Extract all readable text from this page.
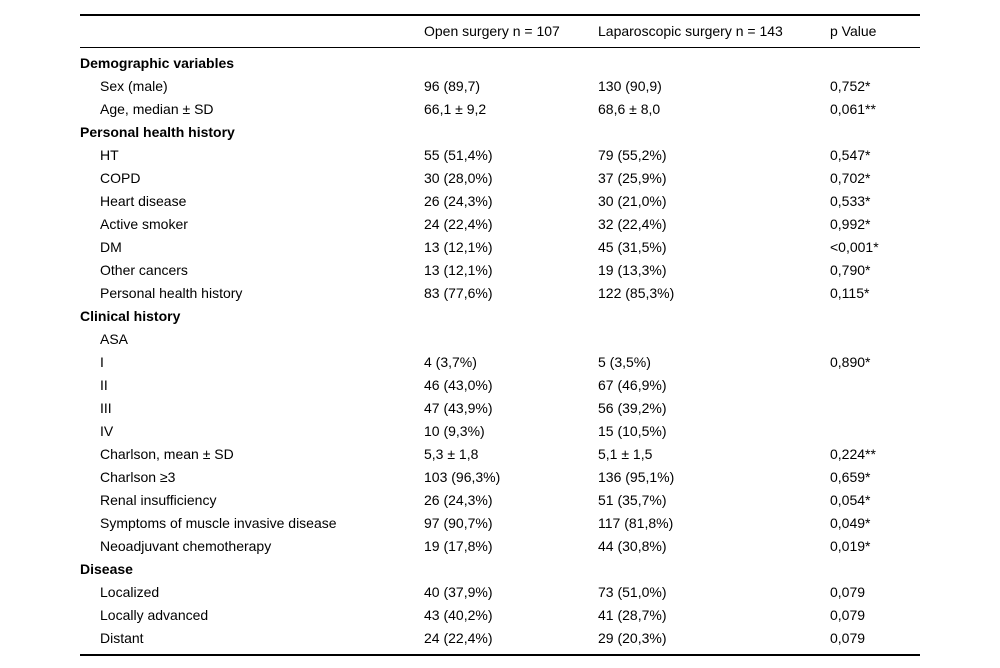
	Open surgery n = 107	Laparoscopic surgery n = 143	p Value
Demographic variables			
Sex (male)	96 (89,7)	130 (90,9)	0,752*
Age, median ± SD	66,1 ± 9,2	68,6 ± 8,0	0,061**
Personal health history			
HT	55 (51,4%)	79 (55,2%)	0,547*
COPD	30 (28,0%)	37 (25,9%)	0,702*
Heart disease	26 (24,3%)	30 (21,0%)	0,533*
Active smoker	24 (22,4%)	32 (22,4%)	0,992*
DM	13 (12,1%)	45 (31,5%)	<0,001*
Other cancers	13 (12,1%)	19 (13,3%)	0,790*
Personal health history	83 (77,6%)	122 (85,3%)	0,115*
Clinical history			
ASA			
I	4 (3,7%)	5 (3,5%)	0,890*
II	46 (43,0%)	67 (46,9%)	
III	47 (43,9%)	56 (39,2%)	
IV	10 (9,3%)	15 (10,5%)	
Charlson, mean ± SD	5,3 ± 1,8	5,1 ± 1,5	0,224**
Charlson ≥3	103 (96,3%)	136 (95,1%)	0,659*
Renal insufficiency	26 (24,3%)	51 (35,7%)	0,054*
Symptoms of muscle invasive disease	97 (90,7%)	117 (81,8%)	0,049*
Neoadjuvant chemotherapy	19 (17,8%)	44 (30,8%)	0,019*
Disease			
Localized	40 (37,9%)	73 (51,0%)	0,079
Locally advanced	43 (40,2%)	41 (28,7%)	0,079
Distant	24 (22,4%)	29 (20,3%)	0,079
